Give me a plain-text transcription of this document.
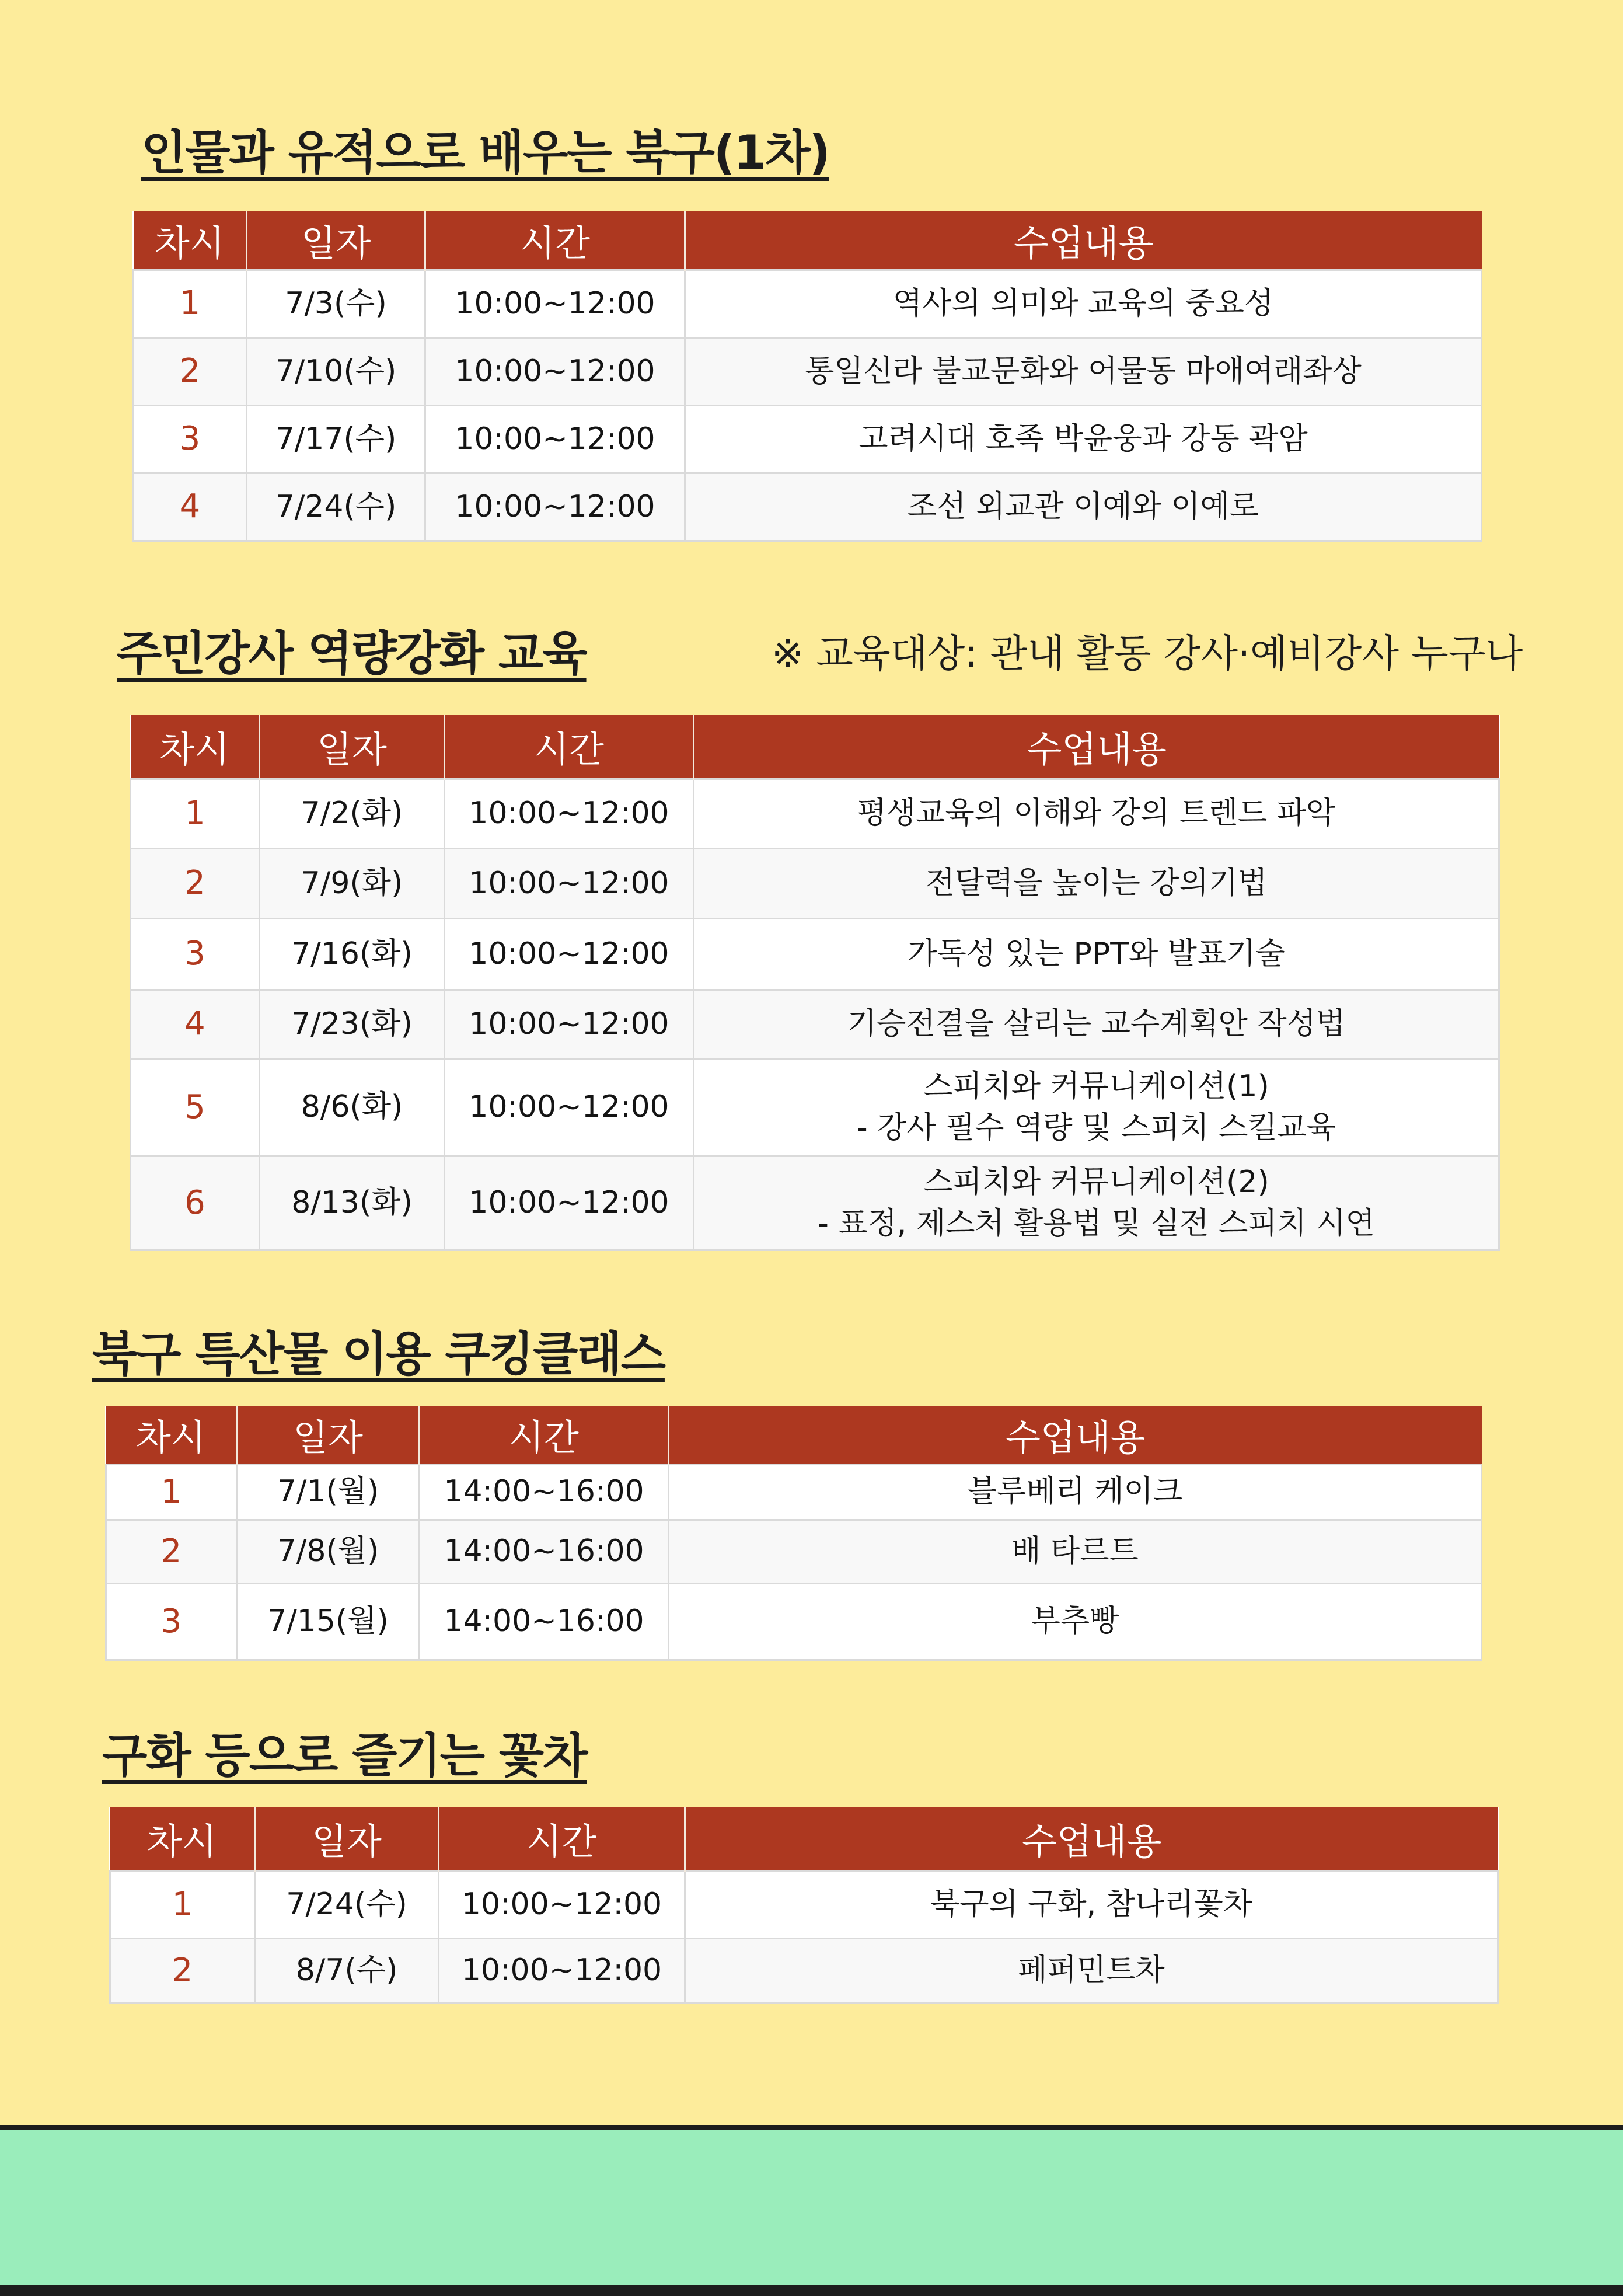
인물과 유적으로 배우는 북구(1차)
차시	일자	시간	수업내용
1	7/3(수)	10:00~12:00	역사의 의미와 교육의 중요성
2	7/10(수)	10:00~12:00	통일신라 불교문화와 어물동 마애여래좌상
3	7/17(수)	10:00~12:00	고려시대 호족 박윤웅과 강동 곽암
4	7/24(수)	10:00~12:00	조선 외교관 이예와 이예로
주민강사 역량강화 교육	※ 교육대상: 관내 활동 강사·예비강사 누구나
차시	일자	시간	수업내용
1	7/2(화)	10:00~12:00	평생교육의 이해와 강의 트렌드 파악
2	7/9(화)	10:00~12:00	전달력을 높이는 강의기법
3	7/16(화)	10:00~12:00	가독성 있는 PPT와 발표기술
4	7/23(화)	10:00~12:00	기승전결을 살리는 교수계획안 작성법
5	8/6(화)	10:00~12:00	스피치와 커뮤니케이션(1)
- 강사 필수 역량 및 스피치 스킬교육

6	8/13(화)	10:00~12:00	스피치와 커뮤니케이션(2)
- 표정, 제스처 활용법 및 실전 스피치 시연
북구 특산물 이용 쿠킹클래스
차시	일자	시간	수업내용
1	7/1(월)	14:00~16:00	블루베리 케이크
2	7/8(월)	14:00~16:00	배 타르트
3	7/15(월)	14:00~16:00	부추빵
구화 등으로 즐기는 꽃차
차시	일자	시간	수업내용
1	7/24(수)	10:00~12:00	북구의 구화, 참나리꽃차
2	8/7(수)	10:00~12:00	페퍼민트차
